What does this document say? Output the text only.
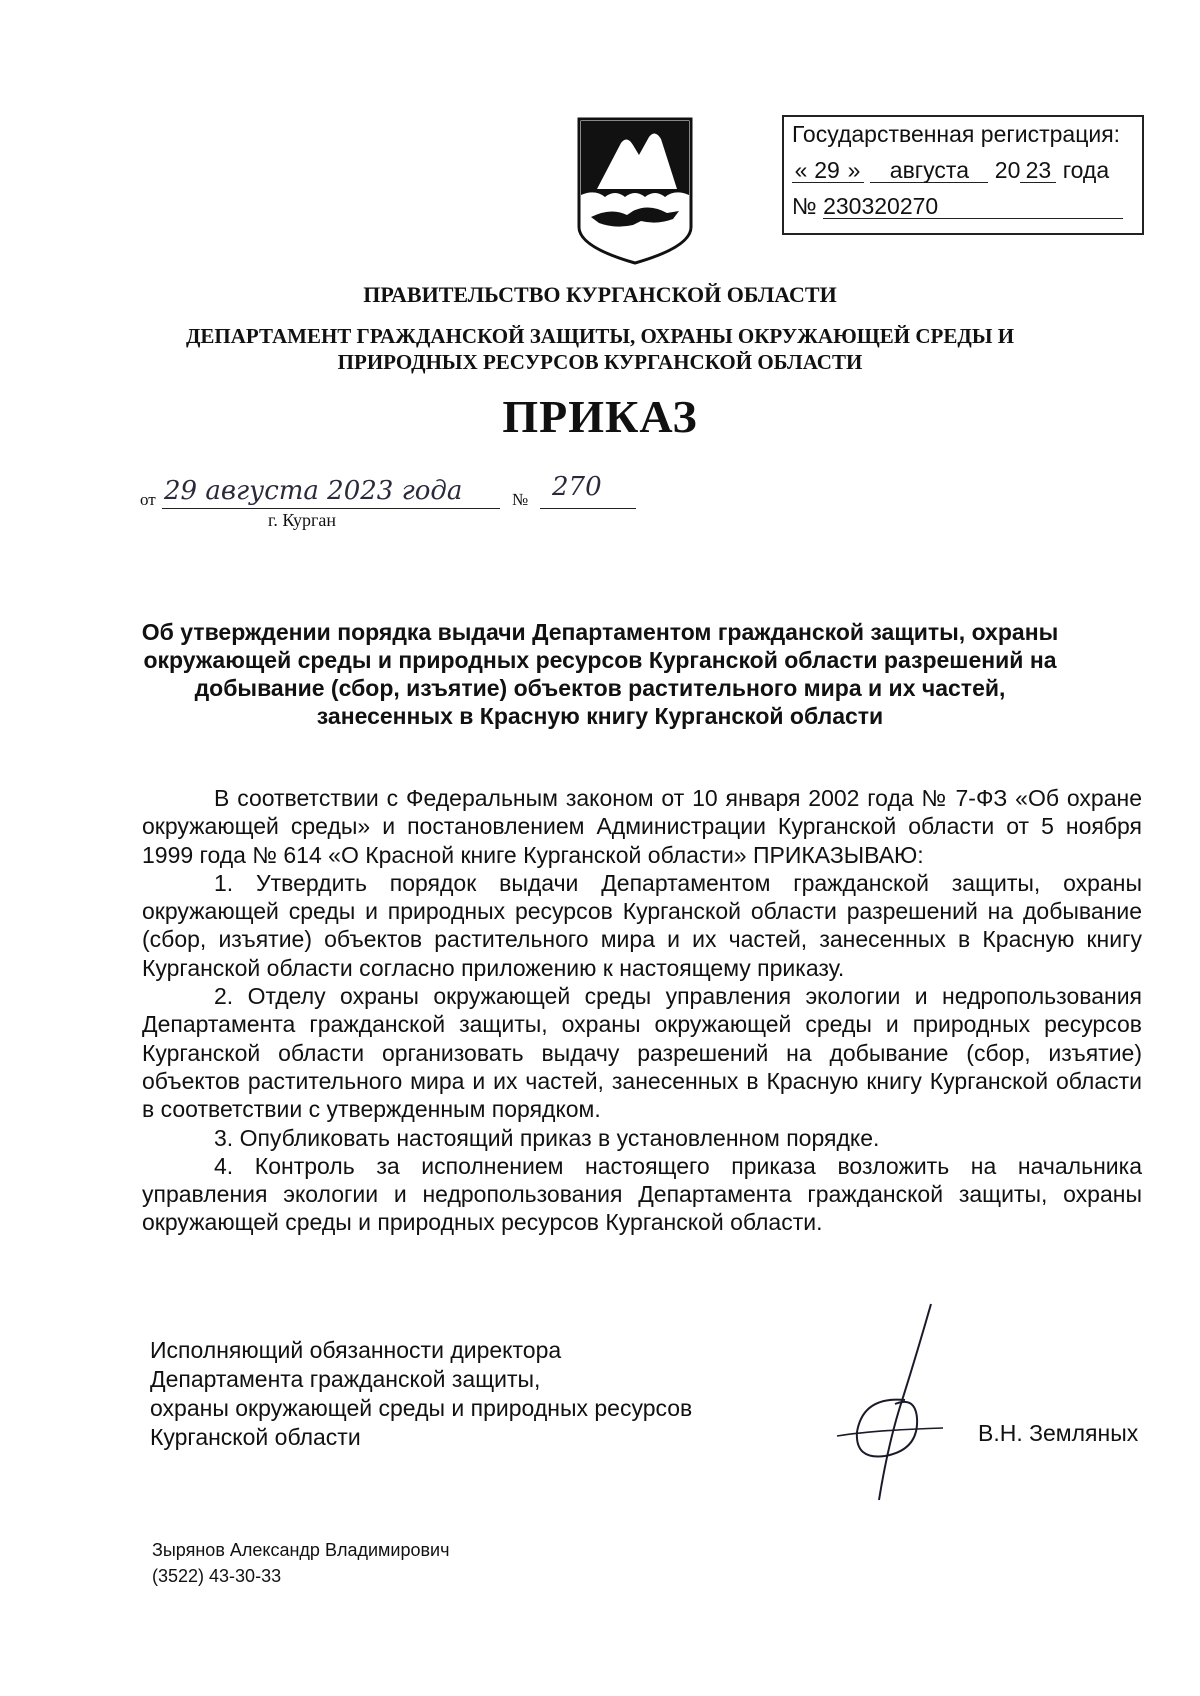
Государственная регистрация:
« 29 » августа 20 23 года
№ 230320270
ПРАВИТЕЛЬСТВО КУРГАНСКОЙ ОБЛАСТИ
ДЕПАРТАМЕНТ ГРАЖДАНСКОЙ ЗАЩИТЫ, ОХРАНЫ ОКРУЖАЮЩЕЙ СРЕДЫ И
ПРИРОДНЫХ РЕСУРСОВ КУРГАНСКОЙ ОБЛАСТИ
ПРИКАЗ
от 29 августа 2023 года	№ 270
г. Курган
Об утверждении порядка выдачи Департаментом гражданской защиты, охраны
окружающей среды и природных ресурсов Курганской области разрешений на
добывание (сбор, изъятие) объектов растительного мира и их частей,
занесенных в Красную книгу Курганской области

В соответствии с Федеральным законом от 10 января 2002 года № 7-ФЗ «Об охране окружающей среды» и постановлением Администрации Курганской области от 5 ноября 1999 года № 614 «О Красной книге Курганской области» ПРИКАЗЫВАЮ:

1. Утвердить порядок выдачи Департаментом гражданской защиты, охраны окружающей среды и природных ресурсов Курганской области разрешений на добывание (сбор, изъятие) объектов растительного мира и их частей, занесенных в Красную книгу Курганской области согласно приложению к настоящему приказу.

2. Отделу охраны окружающей среды управления экологии и недропользования Департамента гражданской защиты, охраны окружающей среды и природных ресурсов Курганской области организовать выдачу разрешений на добывание (сбор, изъятие) объектов растительного мира и их частей, занесенных в Красную книгу Курганской области в соответствии с утвержденным порядком.

3. Опубликовать настоящий приказ в установленном порядке.

4. Контроль за исполнением настоящего приказа возложить на начальника управления экологии и недропользования Департамента гражданской защиты, охраны окружающей среды и природных ресурсов Курганской области.

Исполняющий обязанности директора
Департамента гражданской защиты,
охраны окружающей среды и природных ресурсов
Курганской области	В.Н. Земляных
Зырянов Александр Владимирович
(3522) 43-30-33
